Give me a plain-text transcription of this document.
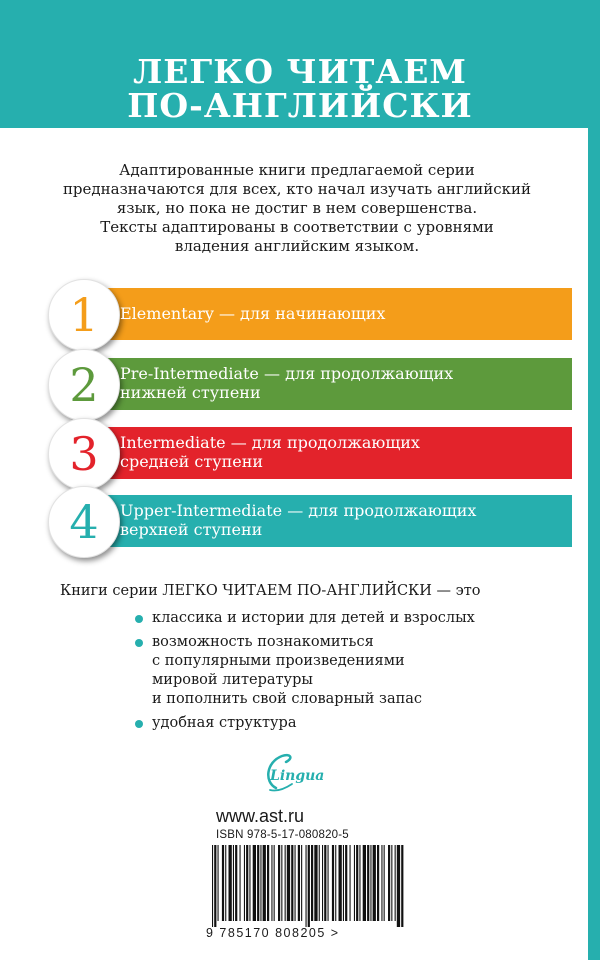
ЛЕГКО ЧИТАЕМ
ПО-АНГЛИЙСКИ
Адаптированные книги предлагаемой серии
предназначаются для всех, кто начал изучать английский
язык, но пока не достиг в нем совершенства.
Тексты адаптированы в соответствии с уровнями
владения английским языком.
1 Elementary — для начинающих
2 Pre-Intermediate — для продолжающих
нижней ступени
3 Intermediate — для продолжающих
средней ступени
4 Upper-Intermediate — для продолжающих
верхней ступени
Книги серии ЛЕГКО ЧИТАЕМ ПО-АНГЛИЙСКИ — это
классика и истории для детей и взрослых
возможность познакомиться
с популярными произведениями
мировой литературы
и пополнить свой словарный запас
удобная структура
Lingua
www.ast.ru
ISBN 978-5-17-080820-5
9 785170 808205 >
